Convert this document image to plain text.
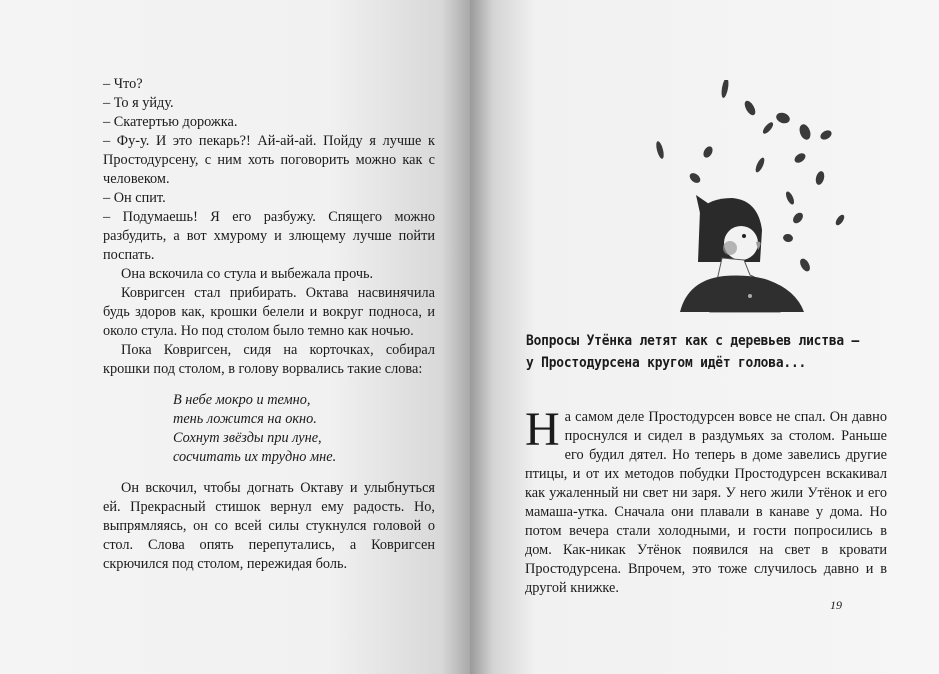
– Что?

– То я уйду.

– Скатертью дорожка.

– Фу-у. И это пекарь?! Ай-ай-ай. Пойду я лучше к Простодурсену, с ним хоть поговорить можно как с человеком.

– Он спит.

– Подумаешь! Я его разбужу. Спящего можно разбудить, а вот хмурому и злющему лучше пойти поспать.

Она вскочила со стула и выбежала прочь.

Ковригсен стал прибирать. Октава насвинячила будь здоров как, крошки белели и вокруг подноса, и около стула. Но под столом было темно как ночью.

Пока Ковригсен, сидя на корточках, собирал крошки под столом, в голову ворвались такие слова:

В небе мокро и темно,
тень ложится на окно.
Сохнут звёзды при луне,
сосчитать их трудно мне.

Он вскочил, чтобы догнать Октаву и улыбнуться ей. Прекрасный стишок вернул ему радость. Но, выпрямляясь, он со всей силы стукнулся головой о стол. Слова опять перепутались, а Ковригсен скрючился под столом, пережидая боль.

Вопросы Утёнка летят как с деревьев листва –
у Простодурсена кругом идёт голова...
На самом деле Простодурсен вовсе не спал. Он давно проснулся и сидел в раздумьях за столом. Раньше его будил дятел. Но теперь в доме завелись другие птицы, и от их методов побудки Простодурсен вскакивал как ужаленный ни свет ни заря. У него жили Утёнок и его мамаша-утка. Сначала они плавали в канаве у дома. Но потом вечера стали холодными, и гости попросились в дом. Как-никак Утёнок появился на свет в кровати Простодурсена. Впрочем, это тоже случилось давно и в другой книжке.
19
